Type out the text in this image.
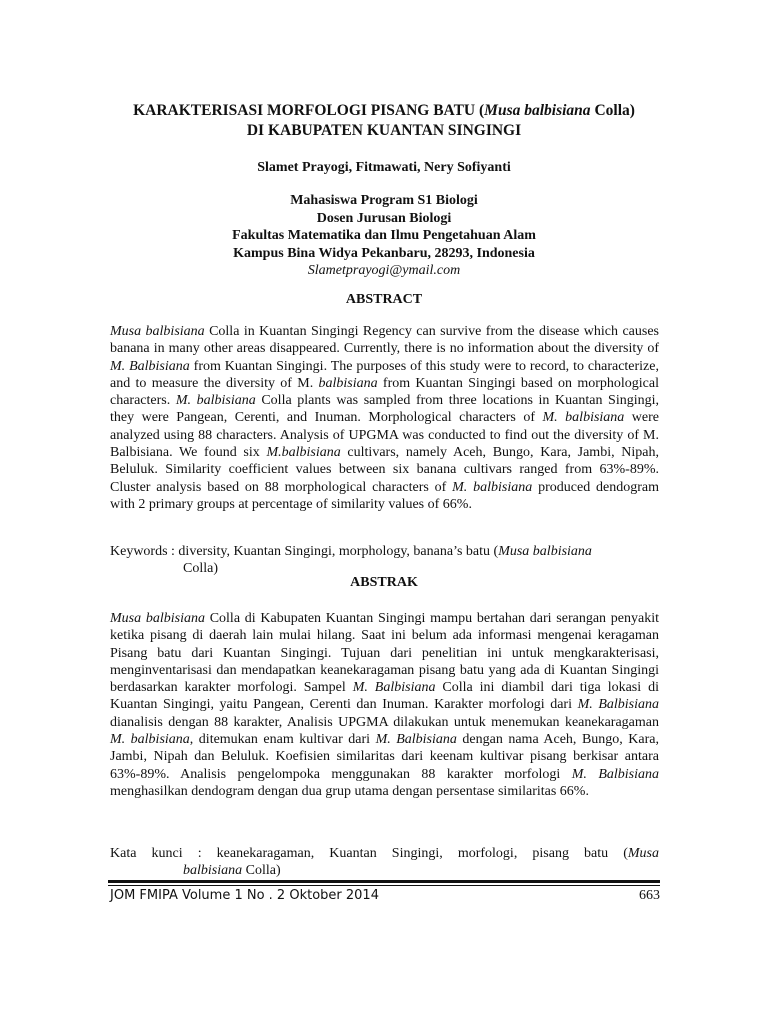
KARAKTERISASI MORFOLOGI PISANG BATU (Musa balbisiana Colla)
DI KABUPATEN KUANTAN SINGINGI
Slamet Prayogi, Fitmawati, Nery Sofiyanti
Mahasiswa Program S1 Biologi
Dosen Jurusan Biologi
Fakultas Matematika dan Ilmu Pengetahuan Alam
Kampus Bina Widya Pekanbaru, 28293, Indonesia
Slametprayogi@ymail.com
ABSTRACT

Musa balbisiana Colla in Kuantan Singingi Regency can survive from the disease which causes banana in many other areas disappeared. Currently, there is no information about the diversity of M. Balbisiana from Kuantan Singingi. The purposes of this study were to record, to characterize, and to measure the diversity of M. balbisiana from Kuantan Singingi based on morphological characters. M. balbisiana Colla plants was sampled from three locations in Kuantan Singingi, they were Pangean, Cerenti, and Inuman. Morphological characters of M. balbisiana were analyzed using 88 characters. Analysis of UPGMA was conducted to find out the diversity of M. Balbisiana. We found six M.balbisiana cultivars, namely Aceh, Bungo, Kara, Jambi, Nipah, Beluluk. Similarity coefficient values between six banana cultivars ranged from 63%-89%. Cluster analysis based on 88 morphological characters of M. balbisiana produced dendogram with 2 primary groups at percentage of similarity values of 66%.

Keywords : diversity, Kuantan Singingi, morphology, banana’s batu (Musa balbisiana
Colla)
ABSTRAK

Musa balbisiana Colla di Kabupaten Kuantan Singingi mampu bertahan dari serangan penyakit ketika pisang di daerah lain mulai hilang. Saat ini belum ada informasi mengenai keragaman Pisang batu dari Kuantan Singingi. Tujuan dari penelitian ini untuk mengkarakterisasi, menginventarisasi dan mendapatkan keanekaragaman pisang batu yang ada di Kuantan Singingi berdasarkan karakter morfologi. Sampel M. Balbisiana Colla ini diambil dari tiga lokasi di Kuantan Singingi, yaitu Pangean, Cerenti dan Inuman. Karakter morfologi dari M. Balbisiana dianalisis dengan 88 karakter, Analisis UPGMA dilakukan untuk menemukan keanekaragaman M. balbisiana, ditemukan enam kultivar dari M. Balbisiana dengan nama Aceh, Bungo, Kara, Jambi, Nipah dan Beluluk. Koefisien similaritas dari keenam kultivar pisang berkisar antara 63%-89%. Analisis pengelompoka menggunakan 88 karakter morfologi M. Balbisiana menghasilkan dendogram dengan dua grup utama dengan persentase similaritas 66%.

Kata kunci : keanekaragaman, Kuantan Singingi, morfologi, pisang batu (Musa
balbisiana Colla)
JOM FMIPA Volume 1 No . 2 Oktober 2014	663
